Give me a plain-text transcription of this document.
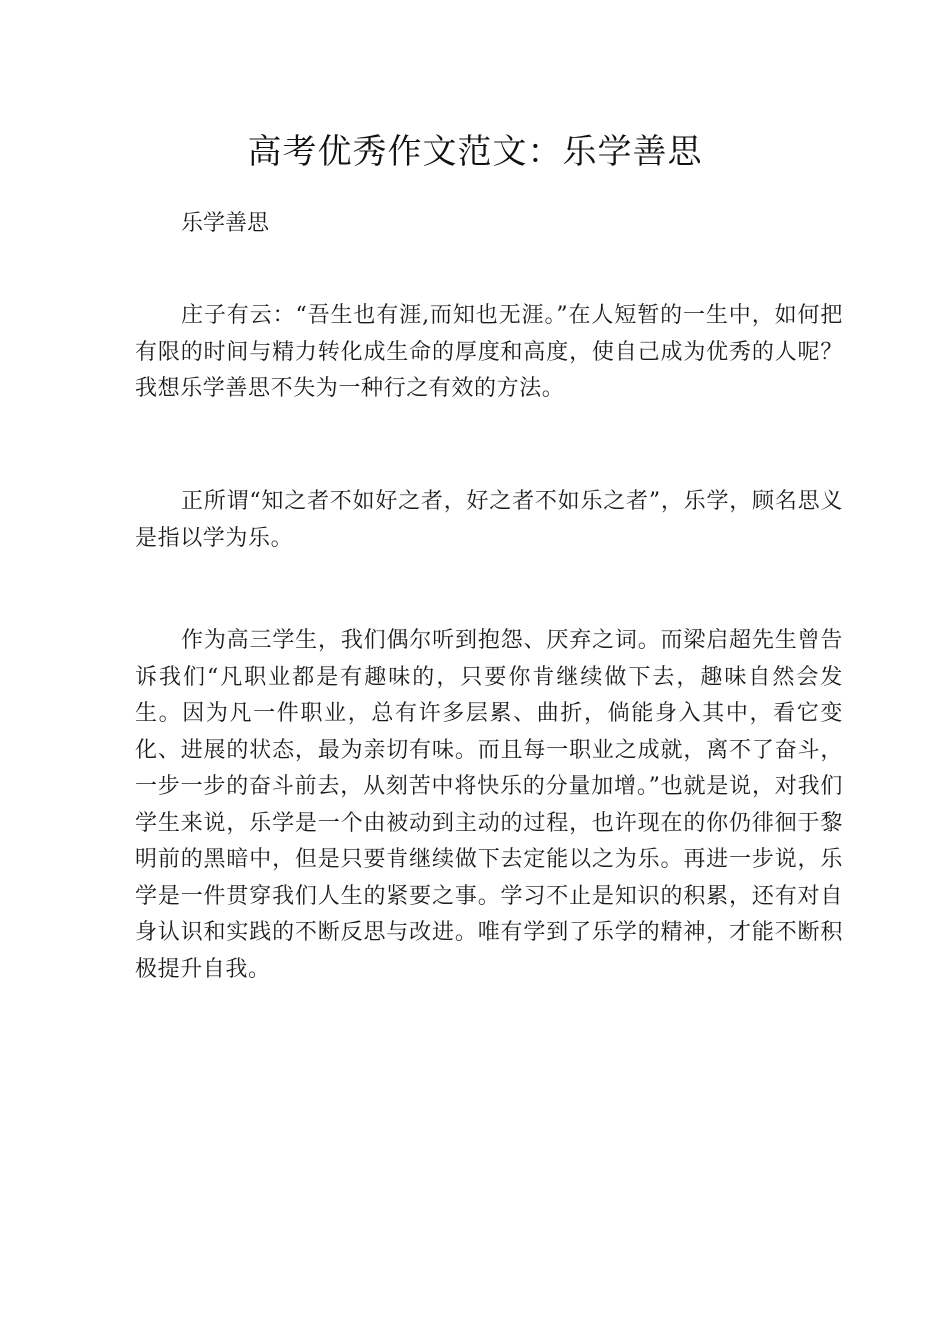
高考优秀作文范文：乐学善思

乐学善思

庄子有云：“吾生也有涯,而知也无涯。”在人短暂的一生中，如何把有限的时间与精力转化成生命的厚度和高度，使自己成为优秀的人呢？我想乐学善思不失为一种行之有效的方法。

正所谓“知之者不如好之者，好之者不如乐之者”，乐学，顾名思义是指以学为乐。

作为高三学生，我们偶尔听到抱怨、厌弃之词。而梁启超先生曾告诉我们“凡职业都是有趣味的，只要你肯继续做下去，趣味自然会发生。因为凡一件职业，总有许多层累、曲折，倘能身入其中，看它变化、进展的状态，最为亲切有味。而且每一职业之成就，离不了奋斗，一步一步的奋斗前去，从刻苦中将快乐的分量加增。”也就是说，对我们学生来说，乐学是一个由被动到主动的过程，也许现在的你仍徘徊于黎明前的黑暗中，但是只要肯继续做下去定能以之为乐。再进一步说，乐学是一件贯穿我们人生的紧要之事。学习不止是知识的积累，还有对自身认识和实践的不断反思与改进。唯有学到了乐学的精神，才能不断积极提升自我。
